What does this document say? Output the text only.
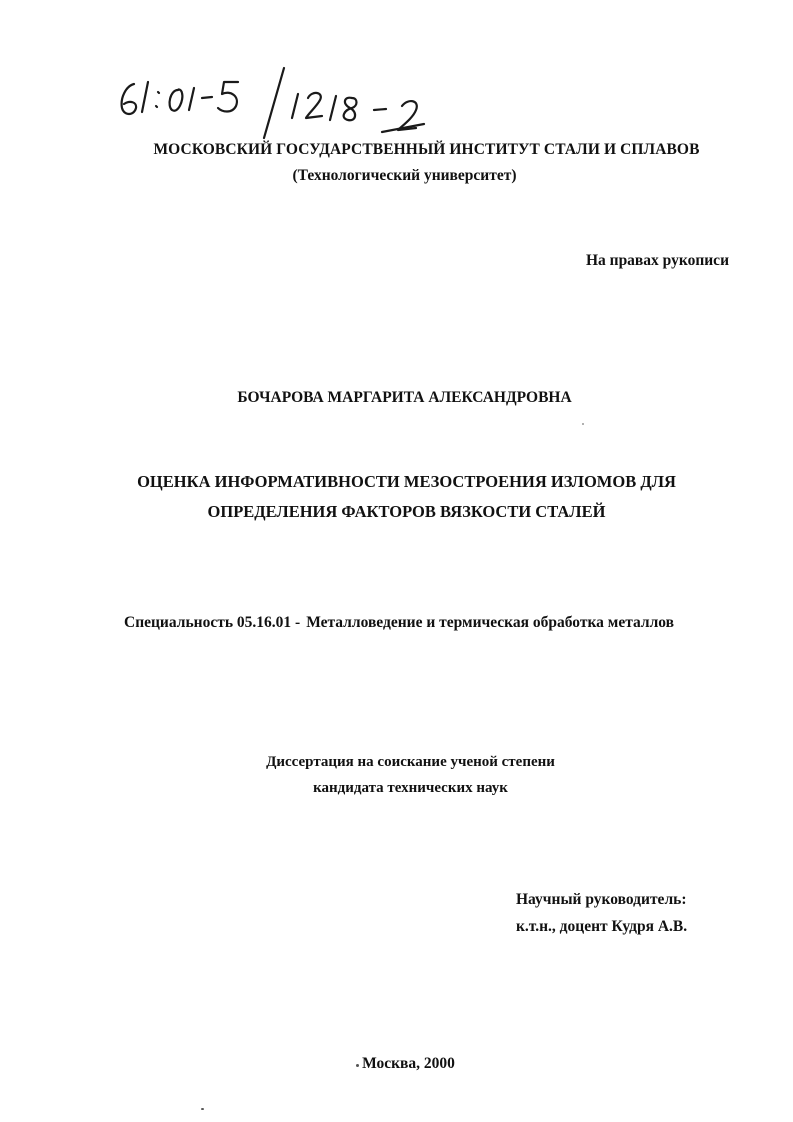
МОСКОВСКИЙ ГОСУДАРСТВЕННЫЙ ИНСТИТУТ СТАЛИ И СПЛАВОВ
(Технологический университет)
На правах рукописи
БОЧАРОВА МАРГАРИТА АЛЕКСАНДРОВНА
ОЦЕНКА ИНФОРМАТИВНОСТИ МЕЗОСТРОЕНИЯ ИЗЛОМОВ ДЛЯ
ОПРЕДЕЛЕНИЯ ФАКТОРОВ ВЯЗКОСТИ СТАЛЕЙ
Специальность 05.16.01 - Металловедение и термическая обработка металлов
Диссертация на соискание ученой степени
кандидата технических наук
Научный руководитель:
к.т.н., доцент Кудря А.В.
Москва, 2000
